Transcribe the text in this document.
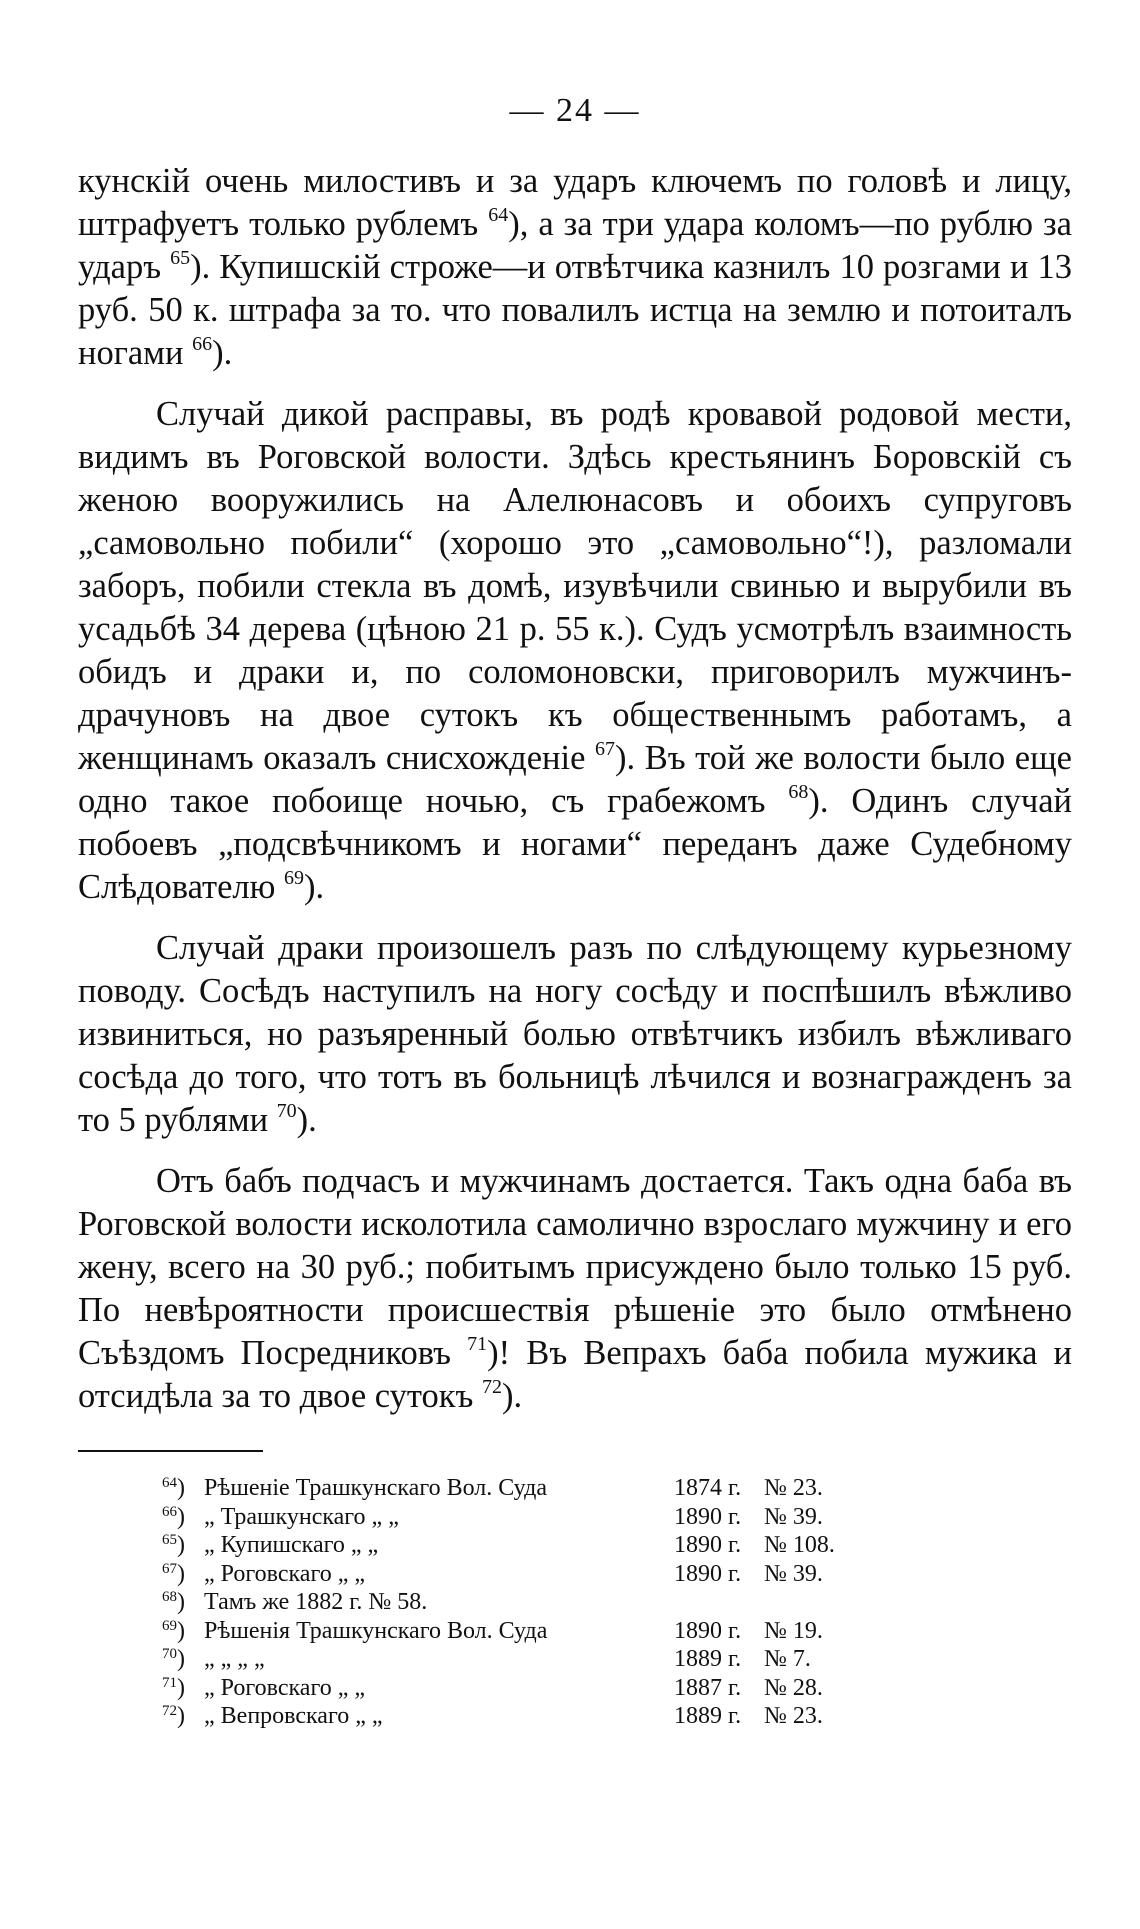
— 24 —

кунскій очень милостивъ и за ударъ ключемъ по головѣ и лицу, штрафуетъ только рублемъ $^{64}$), а за три удара коломъ—по рублю за ударъ $^{65}$). Купишскій строже—и отвѣтчика казнилъ 10 розгами и 13 руб. 50 к. штрафа за то. что повалилъ истца на землю и потоиталъ ногами $^{66}$).

Случай дикой расправы, въ родѣ кровавой родовой мести, видимъ въ Роговской волости. Здѣсь крестьянинъ Боровскій съ женою вооружились на Алелюнасовъ и обоихъ супруговъ „самовольно побили“ (хорошо это „самовольно“!), разломали заборъ, побили стекла въ домѣ, изувѣчили свинью и вырубили въ усадьбѣ 34 дерева (цѣною 21 р. 55 к.). Судъ усмотрѣлъ взаимность обидъ и драки и, по соломоновски, приговорилъ мужчинъ-драчуновъ на двое сутокъ къ общественнымъ работамъ, а женщинамъ оказалъ снисхожденіе $^{67}$). Въ той же волости было еще одно такое побоище ночью, съ грабежомъ $^{68}$). Одинъ случай побоевъ „подсвѣчникомъ и ногами“ переданъ даже Судебному Слѣдователю $^{69}$).

Случай драки произошелъ разъ по слѣдующему курьезному поводу. Сосѣдъ наступилъ на ногу сосѣду и поспѣшилъ вѣжливо извиниться, но разъяренный болью отвѣтчикъ избилъ вѣжливаго сосѣда до того, что тотъ въ больницѣ лѣчился и вознагражденъ за то 5 рублями $^{70}$).

Отъ бабъ подчасъ и мужчинамъ достается. Такъ одна баба въ Роговской волости исколотила самолично взрослаго мужчину и его жену, всего на 30 руб.; побитымъ присуждено было только 15 руб. По невѣроятности происшествія рѣшеніе это было отмѣнено Съѣздомъ Посредниковъ $^{71}$)! Въ Вепрахъ баба побила мужика и отсидѣла за то двое сутокъ $^{72}$).

$^{64}$) Рѣшеніе Трашкунскаго Вол. Суда	1874 г. № 23.
$^{66}$) „ Трашкунскаго „ „	1890 г. № 39.
$^{65}$) „ Купишскаго „ „	1890 г. № 108.
$^{67}$) „ Роговскаго „ „	1890 г. № 39.
$^{68}$) Тамъ же 1882 г. № 58.
$^{69}$) Рѣшенія Трашкунскаго Вол. Суда	1890 г. № 19.
$^{70}$) „ „ „ „	1889 г. № 7.
$^{71}$) „ Роговскаго „ „	1887 г. № 28.
$^{72}$) „ Вепровскаго „ „	1889 г. № 23.
